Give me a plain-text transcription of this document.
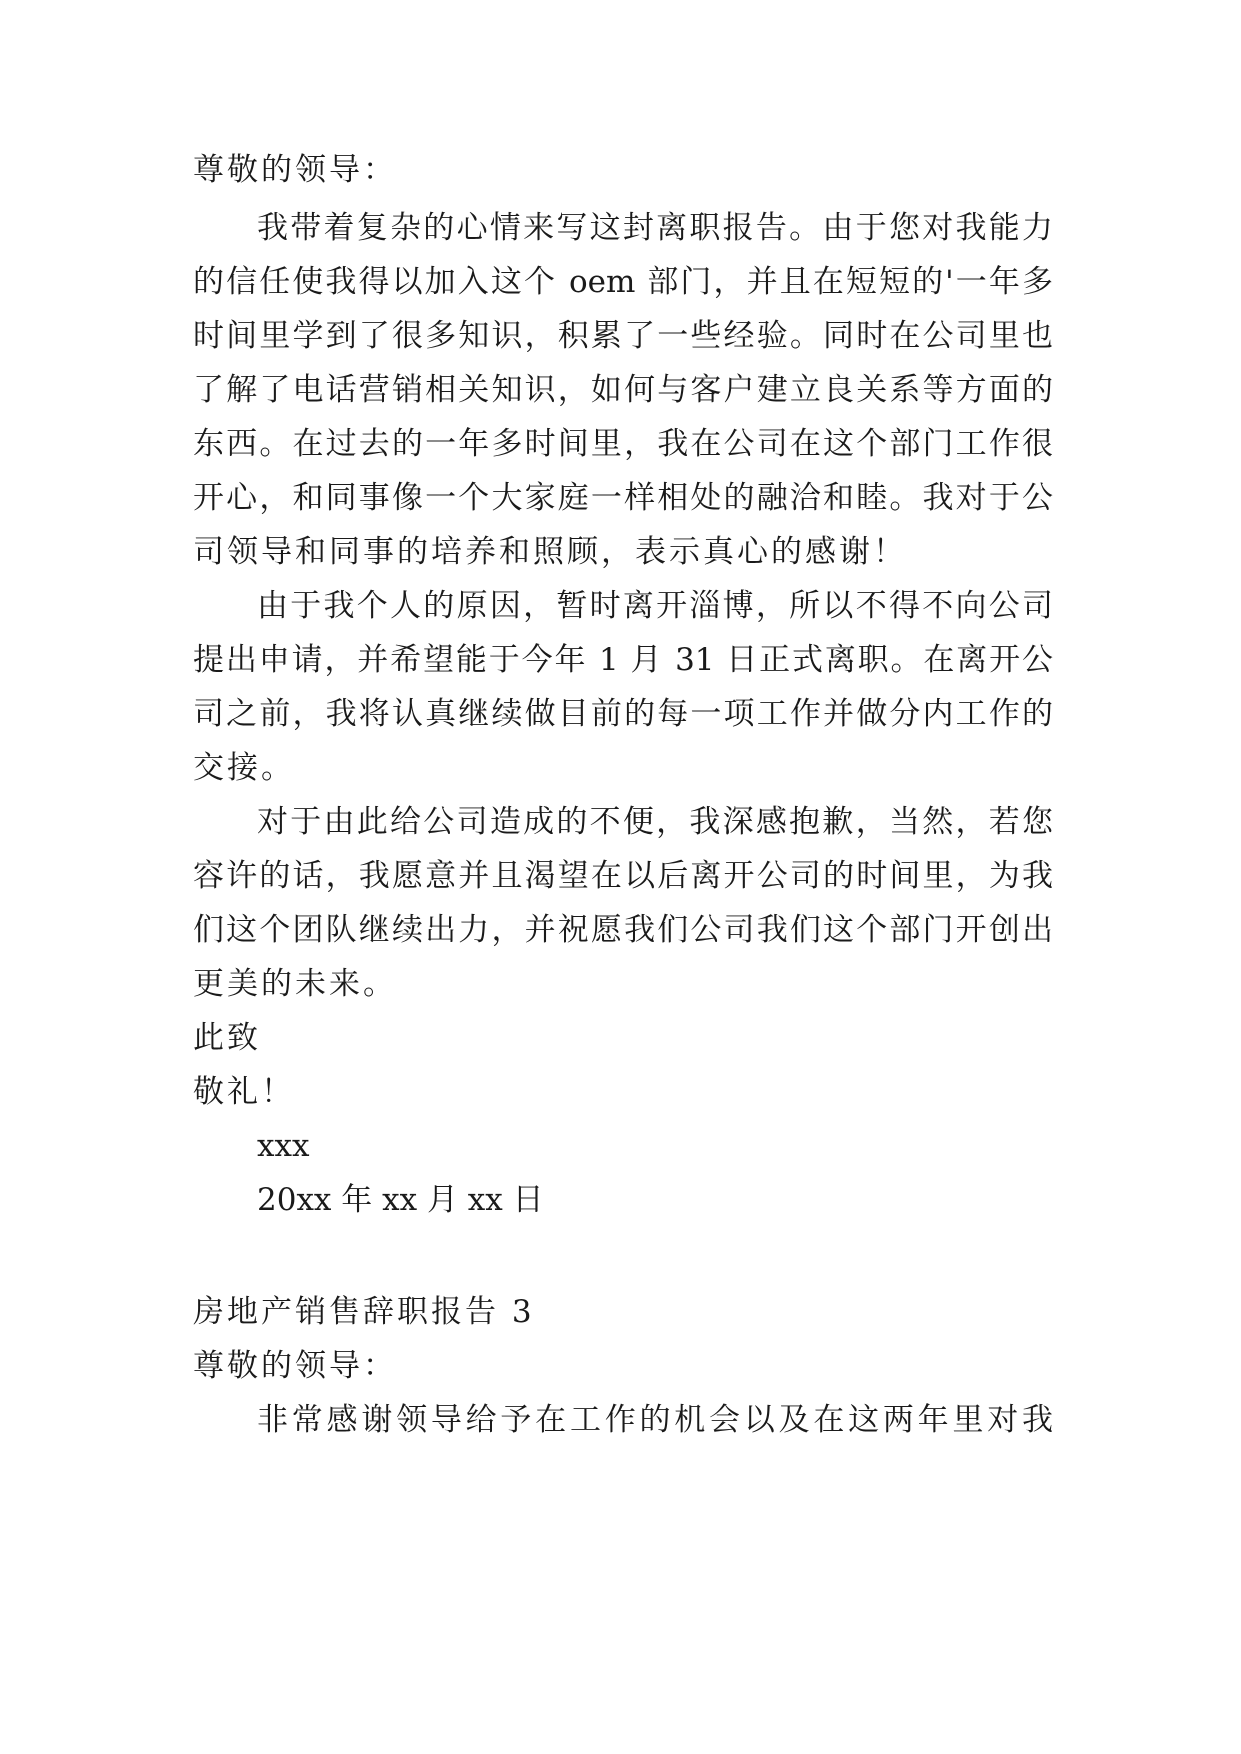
尊敬的领导：
我带着复杂的心情来写这封离职报告。由于您对我能力
的信任使我得以加入这个 oem 部门，并且在短短的'一年多
时间里学到了很多知识，积累了一些经验。同时在公司里也
了解了电话营销相关知识，如何与客户建立良关系等方面的
东西。在过去的一年多时间里，我在公司在这个部门工作很
开心，和同事像一个大家庭一样相处的融洽和睦。我对于公
司领导和同事的培养和照顾，表示真心的感谢！
由于我个人的原因，暂时离开淄博，所以不得不向公司
提出申请，并希望能于今年 1 月 31 日正式离职。在离开公
司之前，我将认真继续做目前的每一项工作并做分内工作的
交接。
对于由此给公司造成的不便，我深感抱歉，当然，若您
容许的话，我愿意并且渴望在以后离开公司的时间里，为我
们这个团队继续出力，并祝愿我们公司我们这个部门开创出
更美的未来。
此致
敬礼！
xxx
20xx 年 xx 月 xx 日
房地产销售辞职报告 3
尊敬的领导：
非常感谢领导给予在工作的机会以及在这两年里对我
